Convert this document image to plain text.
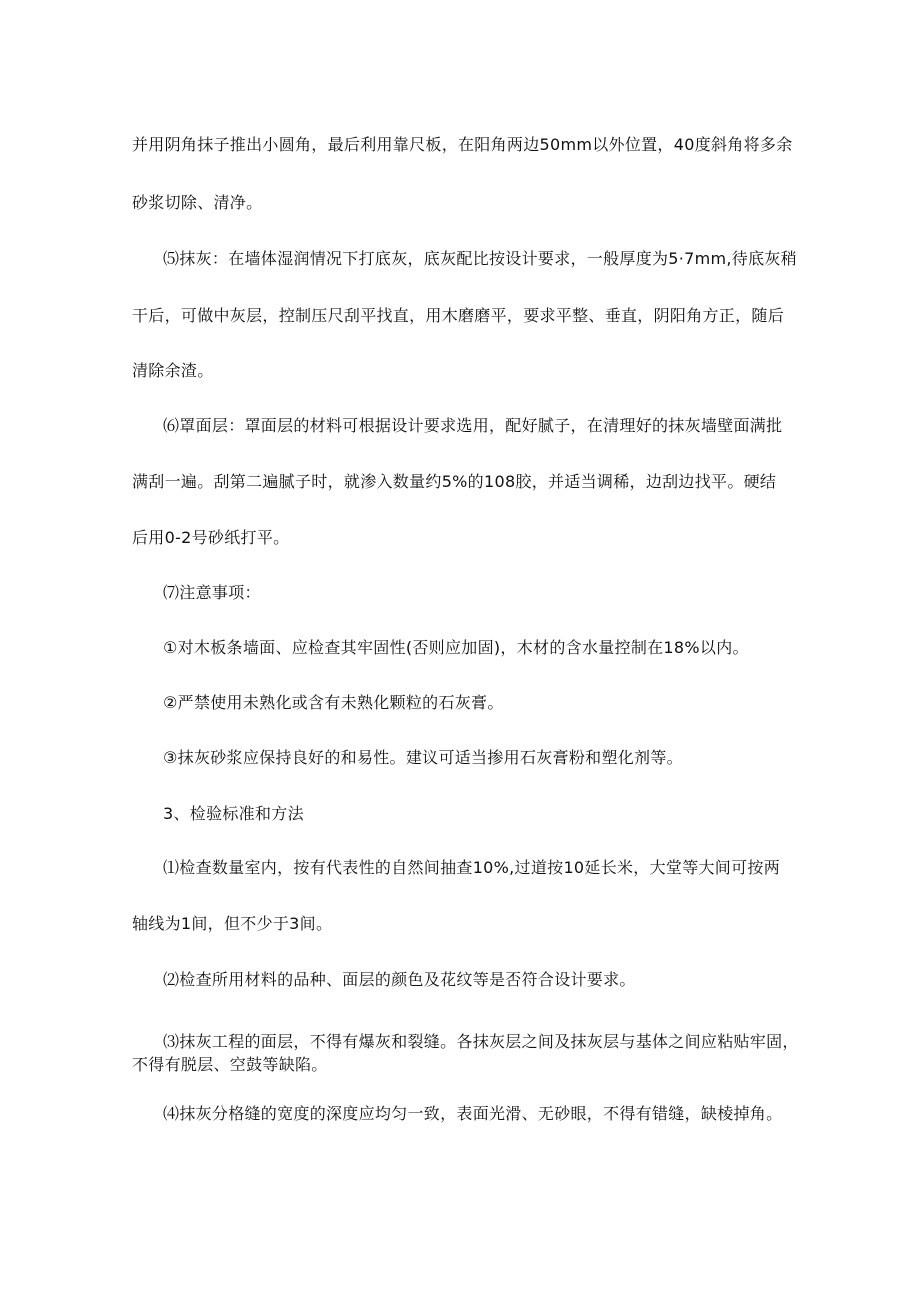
并用阴角抹子推出小圆角，最后利用靠尺板，在阳角两边50mm以外位置，40度斜角将多余
砂浆切除、清净。
⑸抹灰：在墙体湿润情况下打底灰，底灰配比按设计要求，一般厚度为5·7mm,待底灰稍
干后，可做中灰层，控制压尺刮平找直，用木磨磨平，要求平整、垂直，阴阳角方正，随后
清除余渣。
⑹罩面层：罩面层的材料可根据设计要求选用，配好腻子，在清理好的抹灰墙壁面满批
满刮一遍。刮第二遍腻子时，就渗入数量约5%的108胶，并适当调稀，边刮边找平。硬结
后用0-2号砂纸打平。
⑺注意事项：
①对木板条墙面、应检查其牢固性(否则应加固)，木材的含水量控制在18%以内。
②严禁使用未熟化或含有未熟化颗粒的石灰膏。
③抹灰砂浆应保持良好的和易性。建议可适当掺用石灰膏粉和塑化剂等。
3、检验标准和方法
⑴检查数量室内，按有代表性的自然间抽查10%,过道按10延长米，大堂等大间可按两
轴线为1间，但不少于3间。
⑵检查所用材料的品种、面层的颜色及花纹等是否符合设计要求。
⑶抹灰工程的面层，不得有爆灰和裂缝。各抹灰层之间及抹灰层与基体之间应粘贴牢固，
不得有脱层、空鼓等缺陷。
⑷抹灰分格缝的宽度的深度应均匀一致，表面光滑、无砂眼，不得有错缝，缺棱掉角。
